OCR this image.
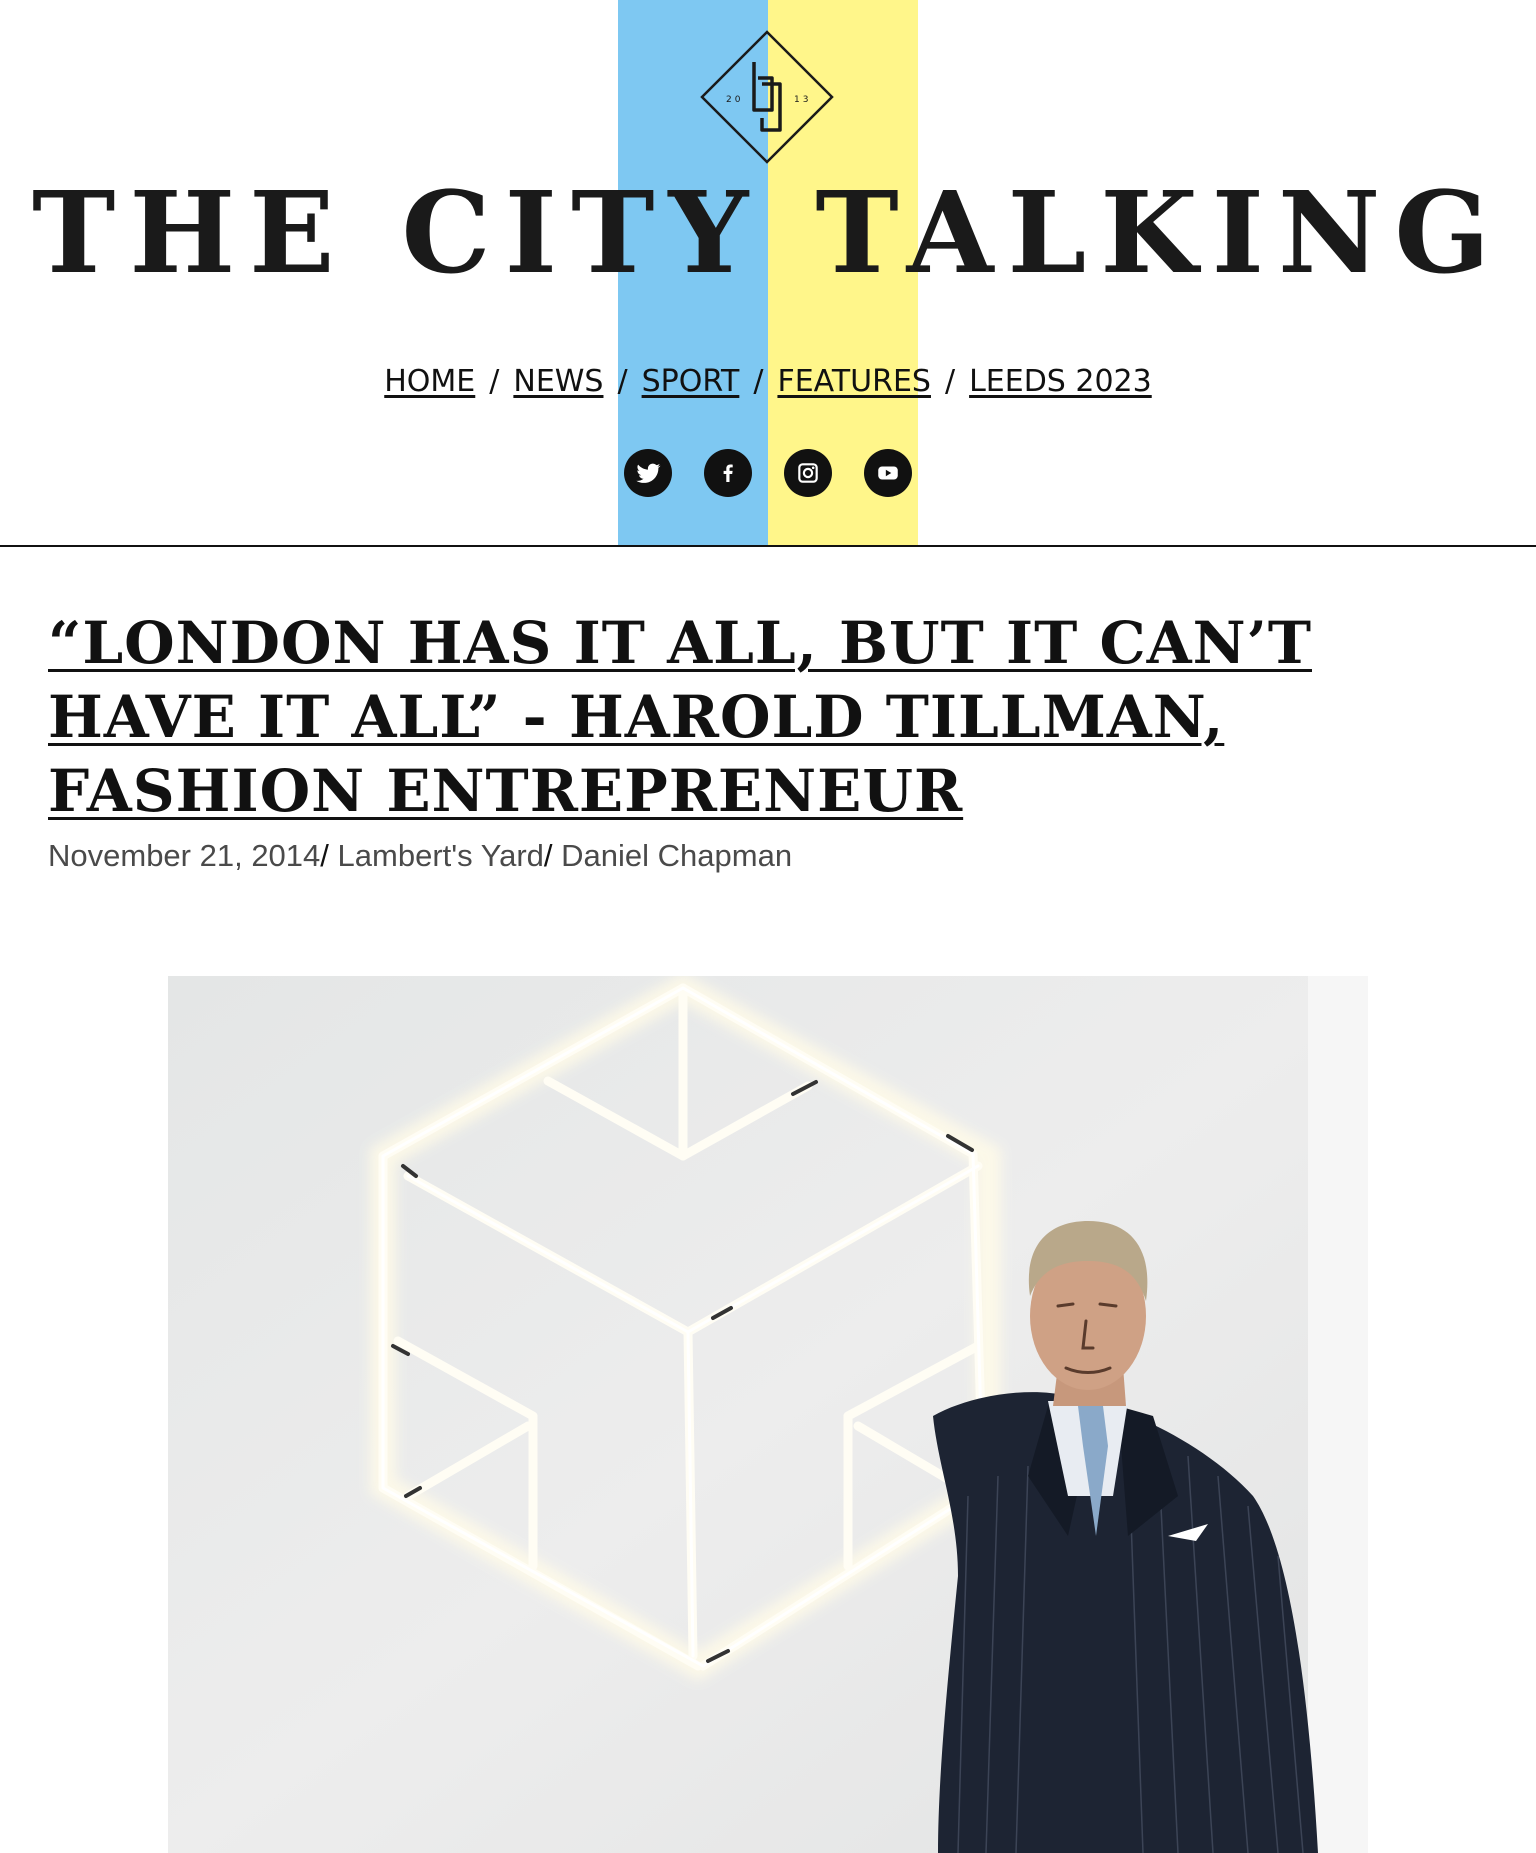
20	13
THE CITY TALKING
HOME / NEWS / SPORT / FEATURES / LEEDS 2023
“LONDON HAS IT ALL, BUT IT CAN’T HAVE IT ALL” - HAROLD TILLMAN, FASHION ENTREPRENEUR
November 21, 2014/ Lambert's Yard/ Daniel Chapman
